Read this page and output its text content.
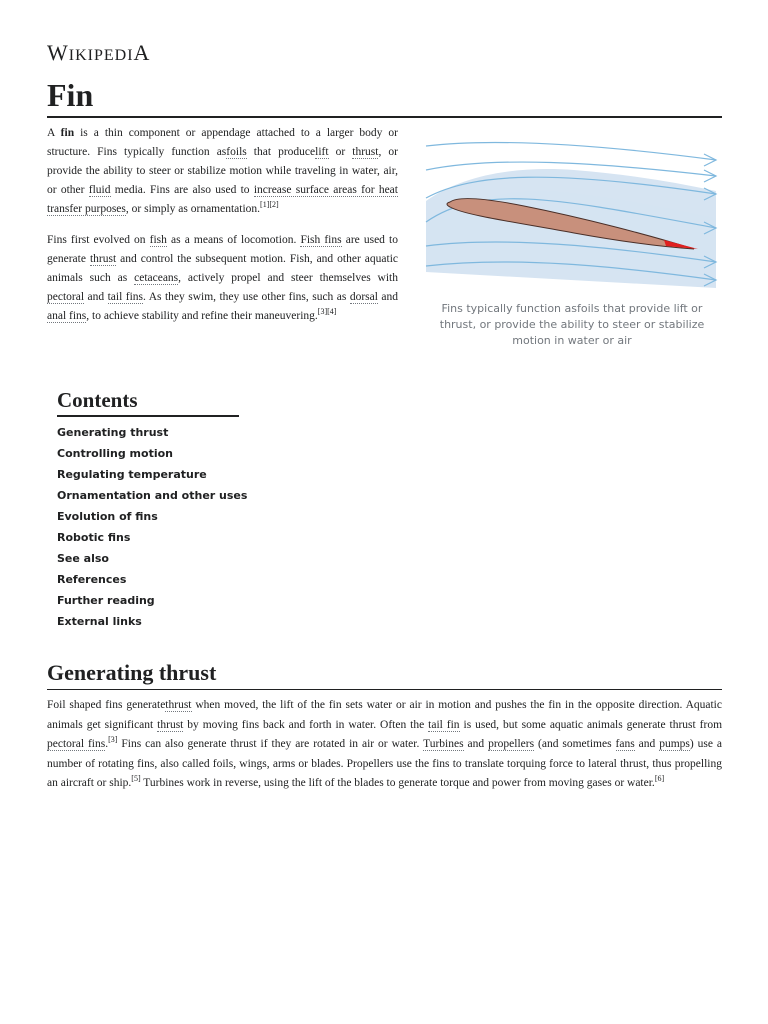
WIKIPEDIA
Fin

A fin is a thin component or appendage attached to a larger body or structure. Fins typically function asfoils that producelift or thrust, or provide the ability to steer or stabilize motion while traveling in water, air, or other fluid media. Fins are also used to increase surface areas for heat transfer purposes, or simply as ornamentation.[1][2]

Fins first evolved on fish as a means of locomotion. Fish fins are used to generate thrust and control the subsequent motion. Fish, and other aquatic animals such as cetaceans, actively propel and steer themselves with pectoral and tail fins. As they swim, they use other fins, such as dorsal and anal fins, to achieve stability and refine their maneuvering.[3][4]	Fins typically function asfoils that provide lift or thrust, or provide the ability to steer or stabilize motion in water or air
Contents
Generating thrust
Controlling motion
Regulating temperature
Ornamentation and other uses
Evolution of fins
Robotic fins
See also
References
Further reading
External links
Generating thrust

Foil shaped fins generatethrust when moved, the lift of the fin sets water or air in motion and pushes the fin in the opposite direction. Aquatic animals get significant thrust by moving fins back and forth in water. Often the tail fin is used, but some aquatic animals generate thrust from pectoral fins.[3] Fins can also generate thrust if they are rotated in air or water. Turbines and propellers (and sometimes fans and pumps) use a number of rotating fins, also called foils, wings, arms or blades. Propellers use the fins to translate torquing force to lateral thrust, thus propelling an aircraft or ship.[5] Turbines work in reverse, using the lift of the blades to generate torque and power from moving gases or water.[6]
